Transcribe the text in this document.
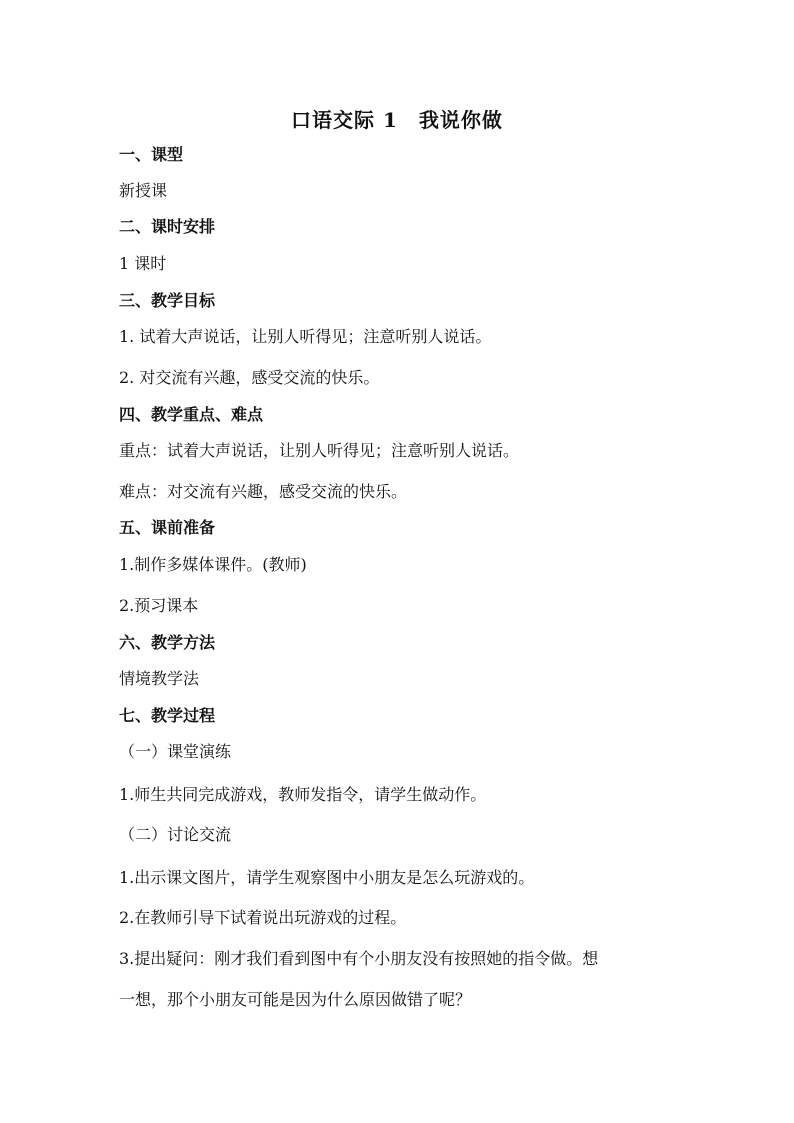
口语交际 1　我说你做
一、课型
新授课
二、课时安排
1 课时
三、教学目标
1. 试着大声说话，让别人听得见；注意听别人说话。
2. 对交流有兴趣，感受交流的快乐。
四、教学重点、难点
重点：试着大声说话，让别人听得见；注意听别人说话。
难点：对交流有兴趣，感受交流的快乐。
五、课前准备
1.制作多媒体课件。(教师)
2.预习课本
六、教学方法
情境教学法
七、教学过程
（一）课堂演练
1.师生共同完成游戏，教师发指令，请学生做动作。
（二）讨论交流
1.出示课文图片，请学生观察图中小朋友是怎么玩游戏的。
2.在教师引导下试着说出玩游戏的过程。
3.提出疑问：刚才我们看到图中有个小朋友没有按照她的指令做。想
一想，那个小朋友可能是因为什么原因做错了呢？
